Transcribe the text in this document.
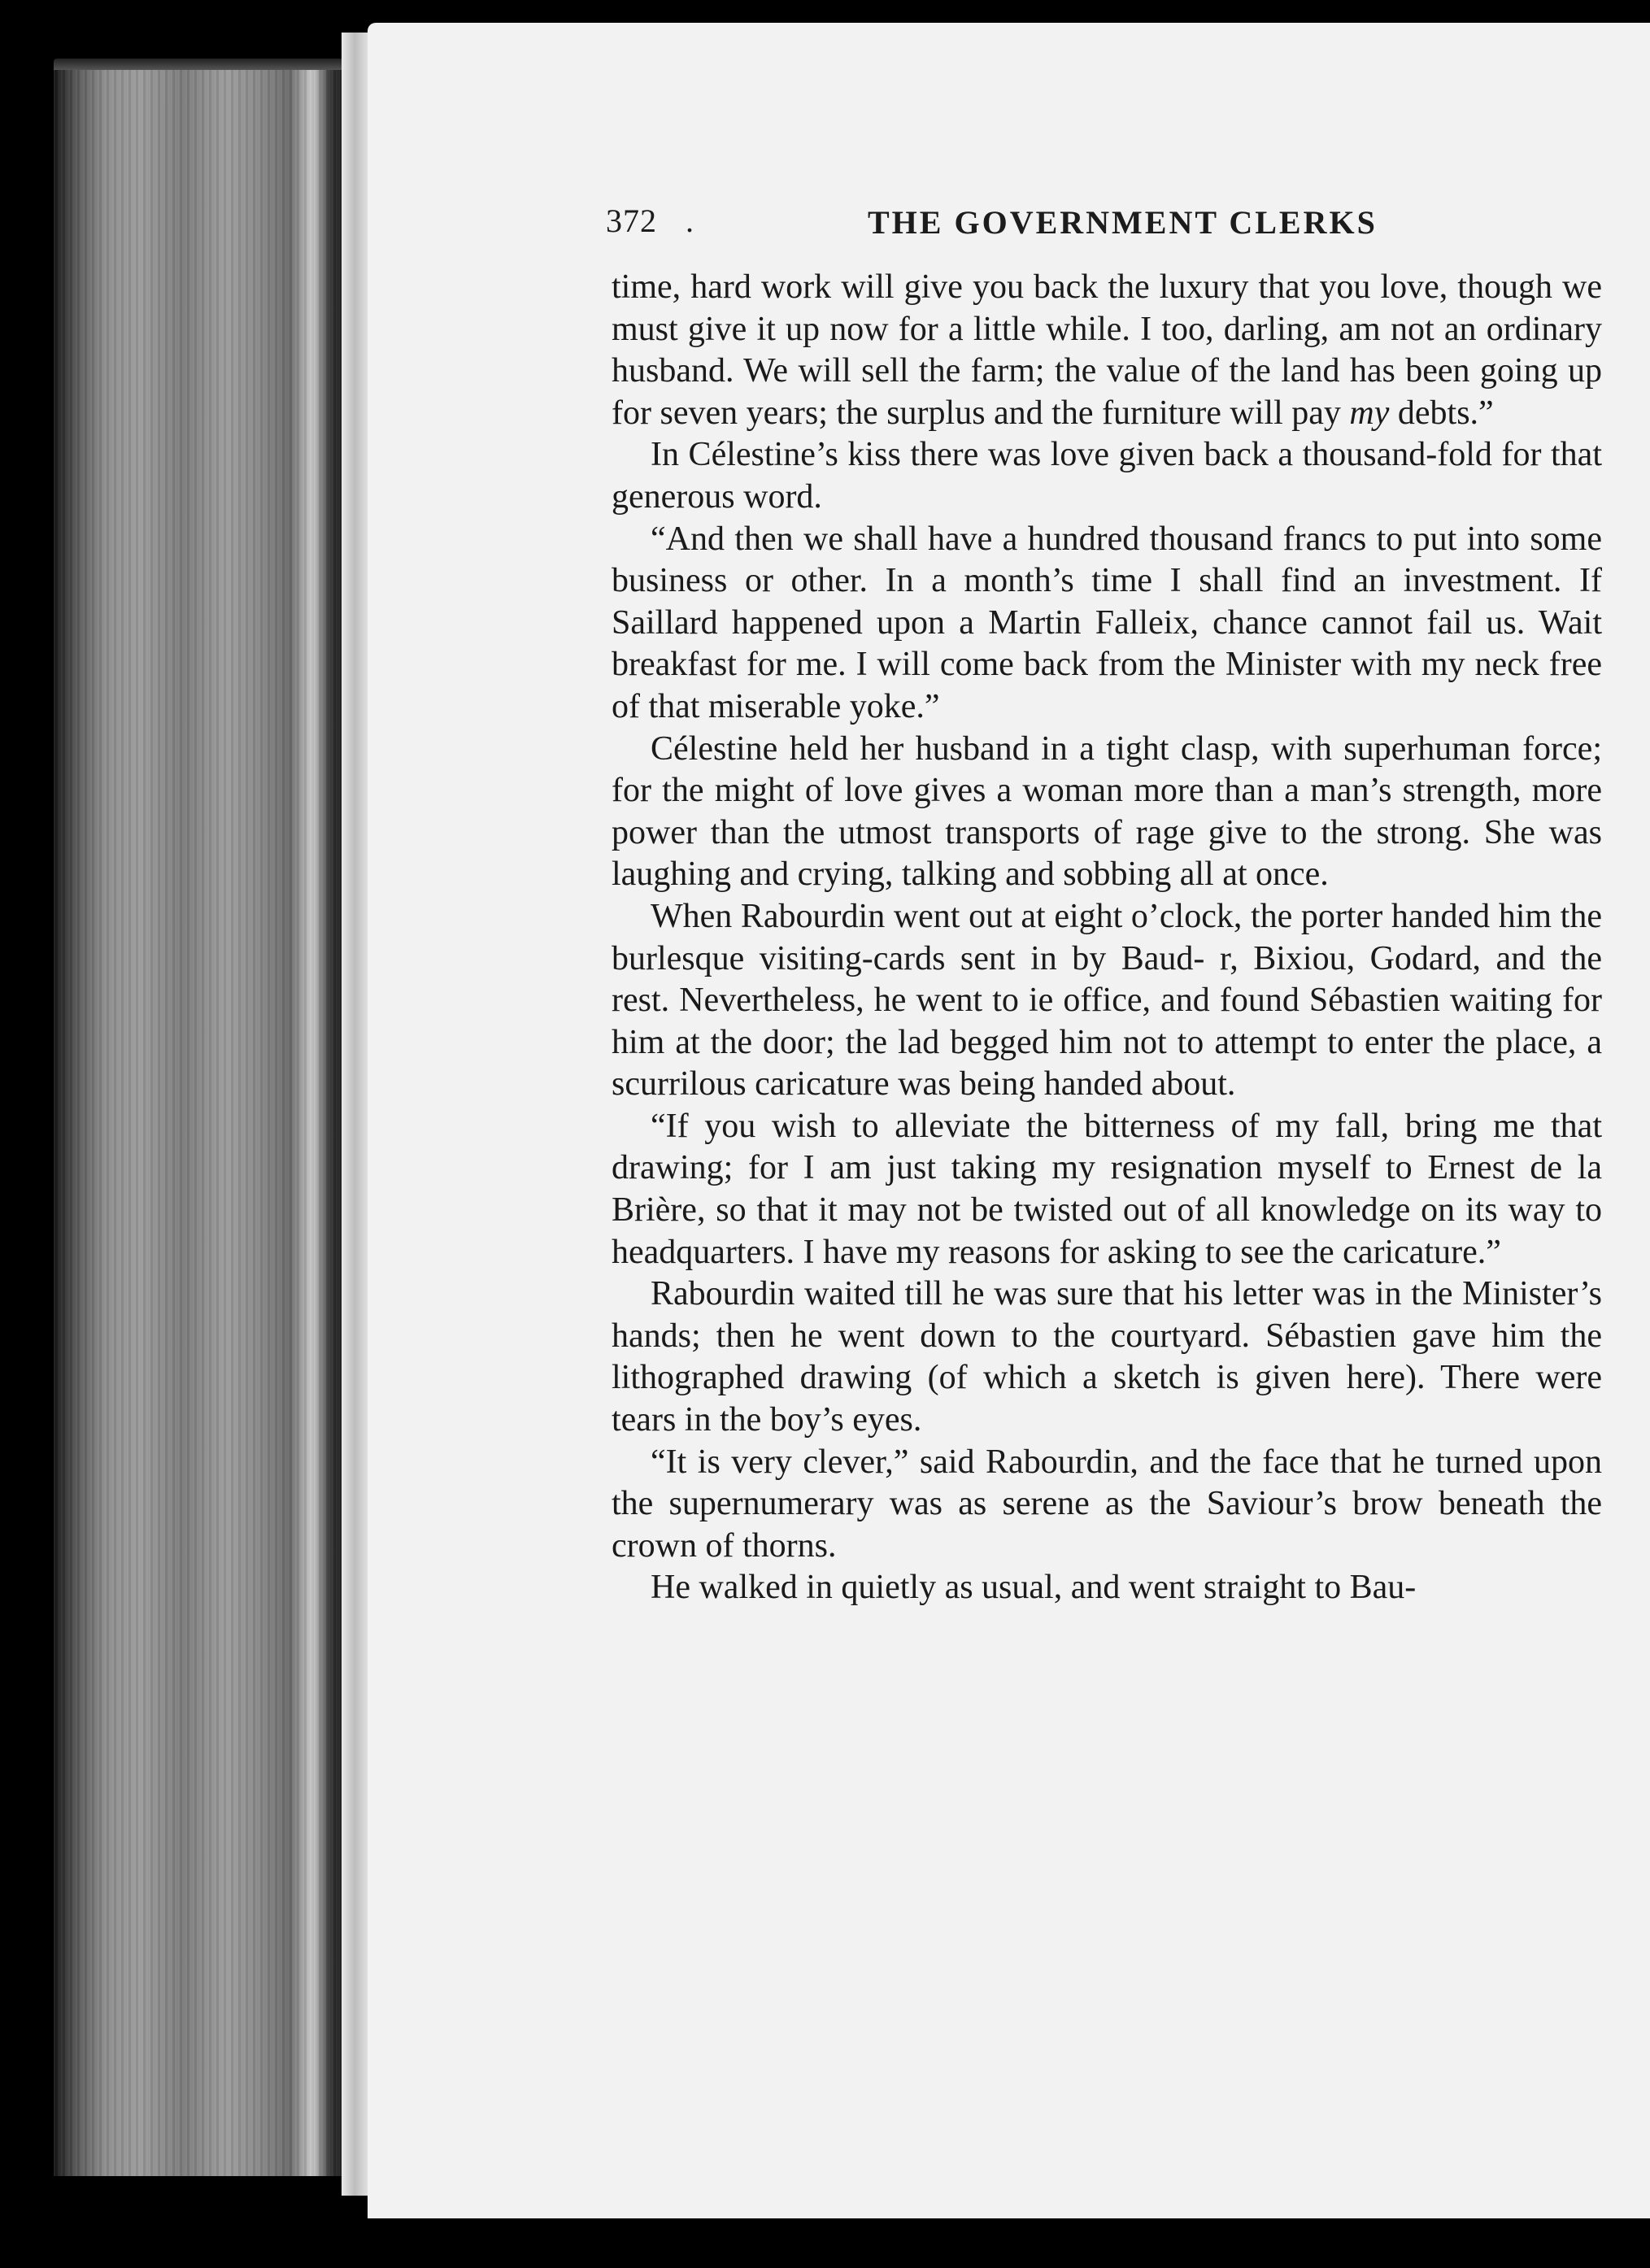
372 .	THE GOVERNMENT CLERKS

time, hard work will give you back the luxury that you love, though we must give it up now for a little while. I too, darling, am not an ordinary husband. We will sell the farm; the value of the land has been going up for seven years; the surplus and the furniture will pay my debts.”

In Célestine’s kiss there was love given back a thousand-fold for that generous word.

“And then we shall have a hundred thousand francs to put into some business or other. In a month’s time I shall find an investment. If Saillard happened upon a Martin Falleix, chance cannot fail us. Wait breakfast for me. I will come back from the Minister with my neck free of that miserable yoke.”

Célestine held her husband in a tight clasp, with superhuman force; for the might of love gives a woman more than a man’s strength, more power than the utmost transports of rage give to the strong. She was laughing and crying, talking and sobbing all at once.

When Rabourdin went out at eight o’clock, the porter handed him the burlesque visiting-cards sent in by Baud- r, Bixiou, Godard, and the rest. Nevertheless, he went to ie office, and found Sébastien waiting for him at the door; the lad begged him not to attempt to enter the place, a scurrilous caricature was being handed about.

“If you wish to alleviate the bitterness of my fall, bring me that drawing; for I am just taking my resignation myself to Ernest de la Brière, so that it may not be twisted out of all knowledge on its way to headquarters. I have my reasons for asking to see the caricature.”

Rabourdin waited till he was sure that his letter was in the Minister’s hands; then he went down to the courtyard. Sébastien gave him the lithographed drawing (of which a sketch is given here). There were tears in the boy’s eyes.

“It is very clever,” said Rabourdin, and the face that he turned upon the supernumerary was as serene as the Saviour’s brow beneath the crown of thorns.

He walked in quietly as usual, and went straight to Bau-
